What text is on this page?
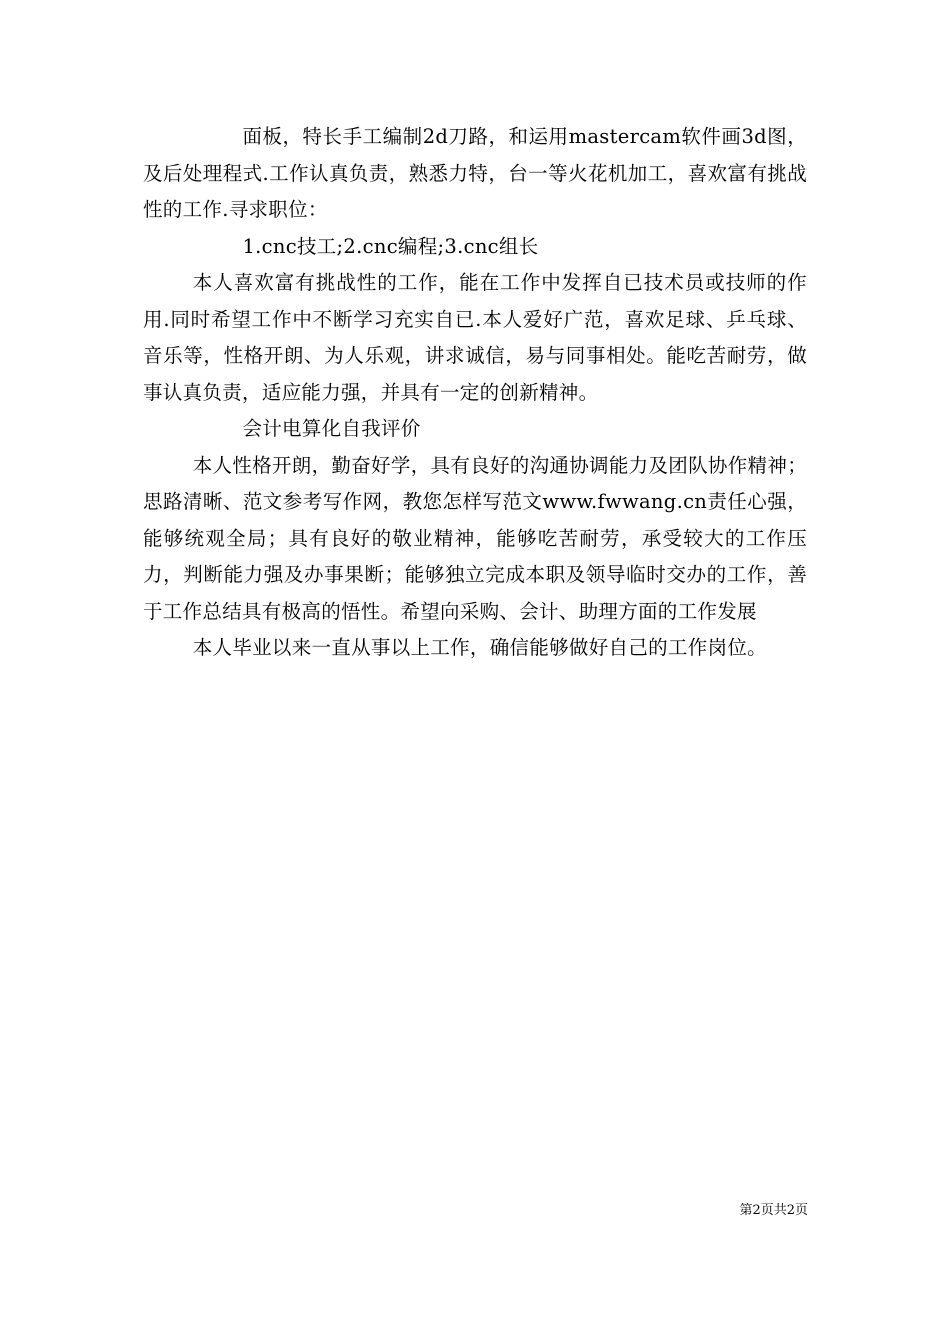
面板，特长手工编制2d刀路，和运用mastercam软件画3d图，及后处理程式.工作认真负责，熟悉力特，台一等火花机加工，喜欢富有挑战性的工作.寻求职位：

1.cnc技工;2.cnc编程;3.cnc组长

本人喜欢富有挑战性的工作，能在工作中发挥自已技术员或技师的作用.同时希望工作中不断学习充实自已.本人爱好广范，喜欢足球、乒乓球、音乐等，性格开朗、为人乐观，讲求诚信，易与同事相处。能吃苦耐劳，做事认真负责，适应能力强，并具有一定的创新精神。

会计电算化自我评价

本人性格开朗，勤奋好学，具有良好的沟通协调能力及团队协作精神；思路清晰、范文参考写作网，教您怎样写范文www.fwwang.cn责任心强，能够统观全局；具有良好的敬业精神，能够吃苦耐劳，承受较大的工作压力，判断能力强及办事果断；能够独立完成本职及领导临时交办的工作，善于工作总结具有极高的悟性。希望向采购、会计、助理方面的工作发展

本人毕业以来一直从事以上工作，确信能够做好自己的工作岗位。

第2页共2页
